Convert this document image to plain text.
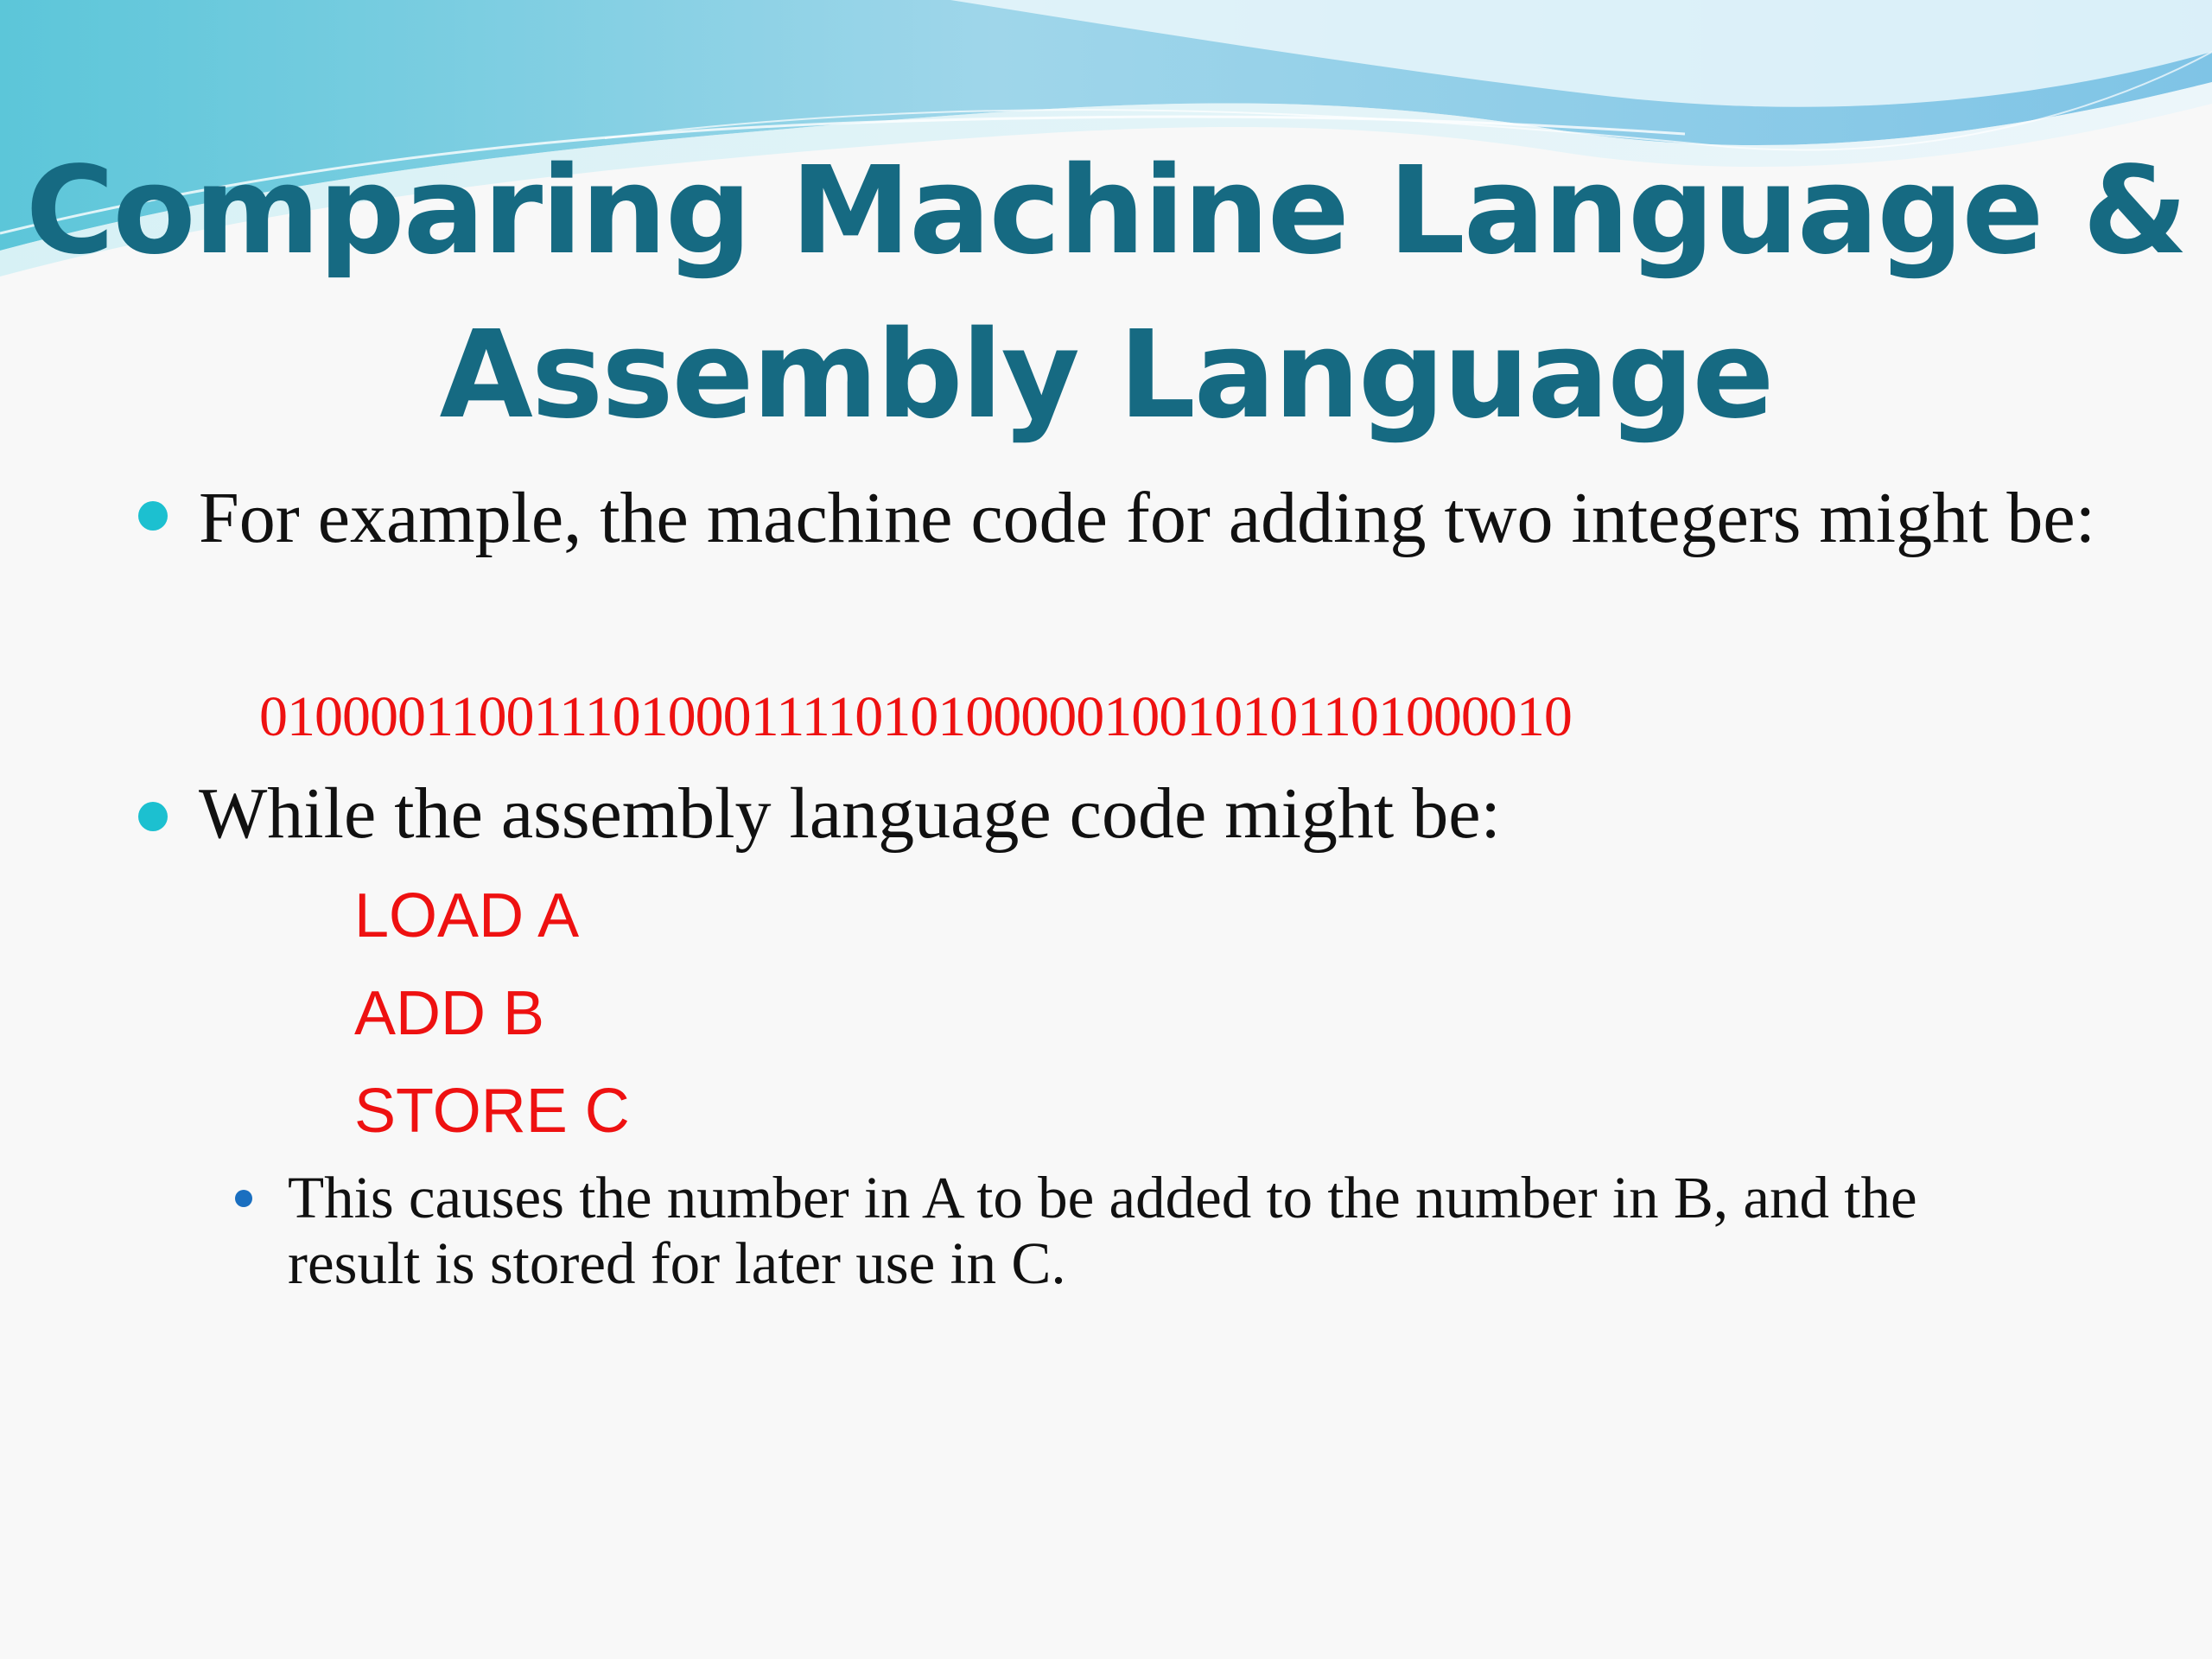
Comparing Machine Language &
Assembly Language
For example, the machine code for adding two integers might be:
010000110011101000111101010000010010101101000010
While the assembly language code might be:
LOAD A
ADD B
STORE C
This causes the number in A to be added to the number in B, and the result is stored for later use in C.
